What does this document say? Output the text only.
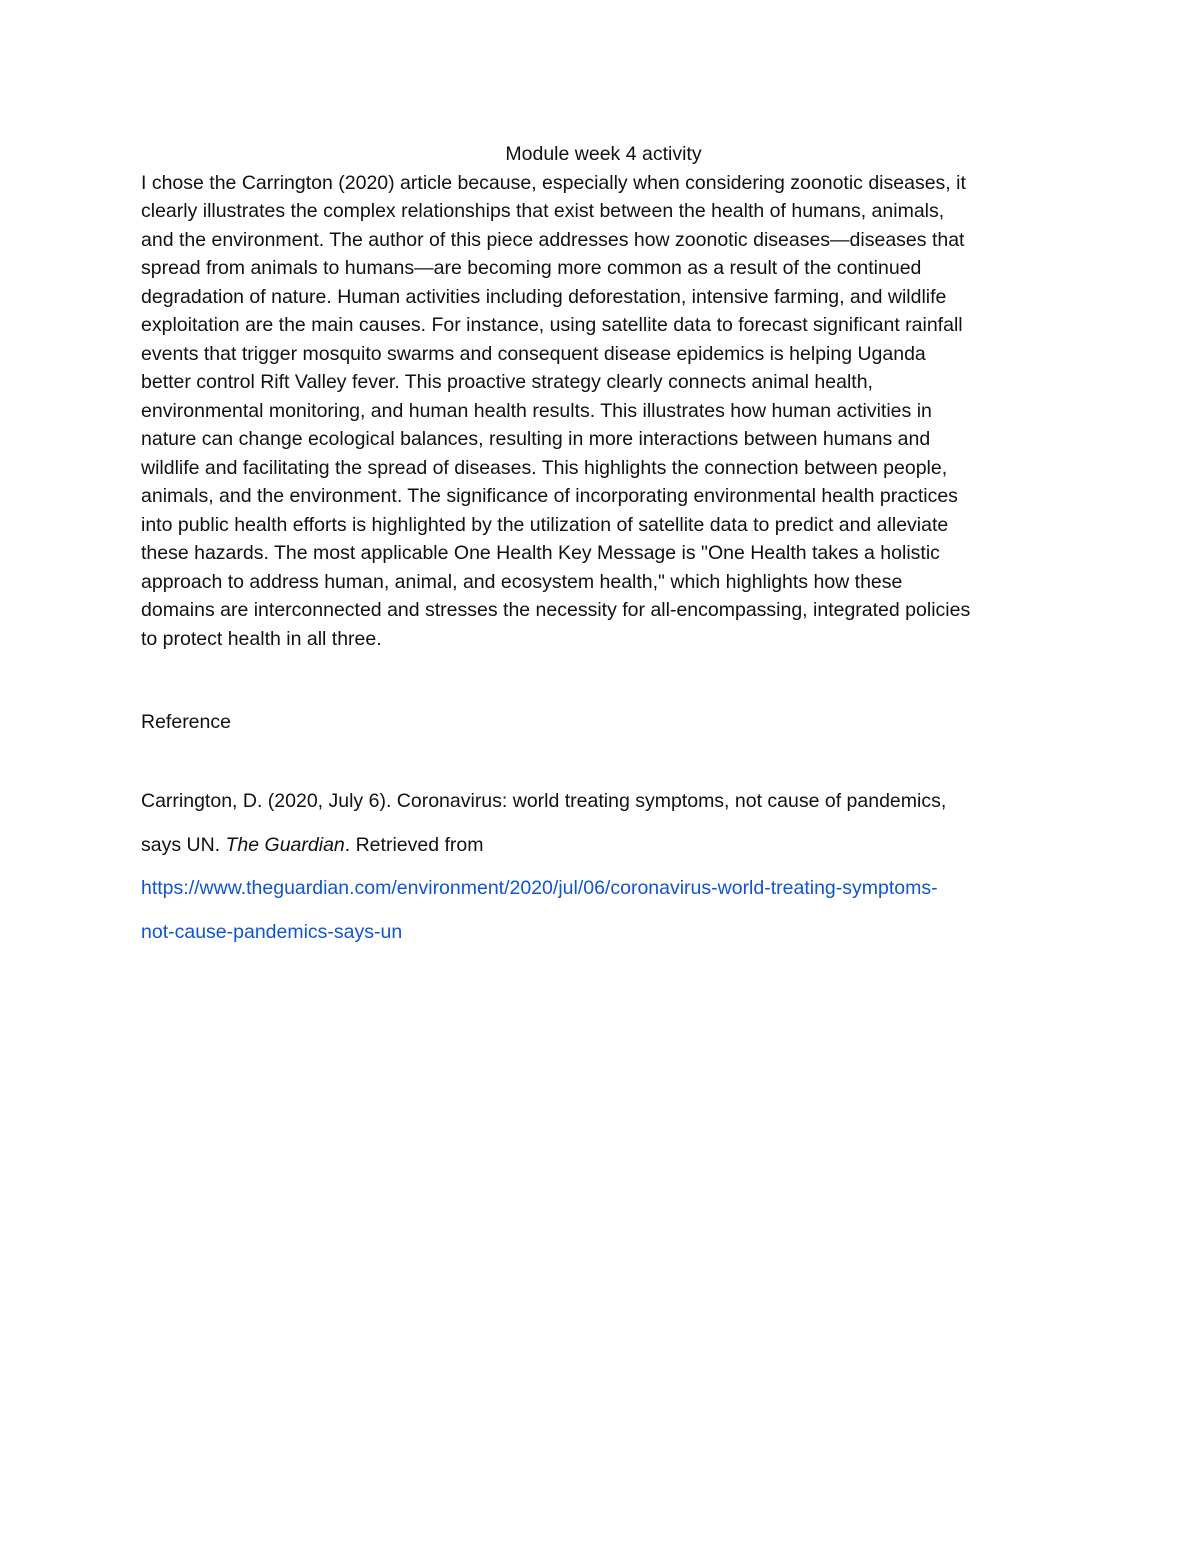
Module week 4 activity

I chose the Carrington (2020) article because, especially when considering zoonotic diseases, it

clearly illustrates the complex relationships that exist between the health of humans, animals,

and the environment. The author of this piece addresses how zoonotic diseases—diseases that

spread from animals to humans—are becoming more common as a result of the continued

degradation of nature. Human activities including deforestation, intensive farming, and wildlife

exploitation are the main causes. For instance, using satellite data to forecast significant rainfall

events that trigger mosquito swarms and consequent disease epidemics is helping Uganda

better control Rift Valley fever. This proactive strategy clearly connects animal health,

environmental monitoring, and human health results. This illustrates how human activities in

nature can change ecological balances, resulting in more interactions between humans and

wildlife and facilitating the spread of diseases. This highlights the connection between people,

animals, and the environment. The significance of incorporating environmental health practices

into public health efforts is highlighted by the utilization of satellite data to predict and alleviate

these hazards. The most applicable One Health Key Message is "One Health takes a holistic

approach to address human, animal, and ecosystem health," which highlights how these

domains are interconnected and stresses the necessity for all-encompassing, integrated policies

to protect health in all three.

Reference

Carrington, D. (2020, July 6). Coronavirus: world treating symptoms, not cause of pandemics,

says UN. The Guardian. Retrieved from

https://www.theguardian.com/environment/2020/jul/06/coronavirus-world-treating-symptoms-

not-cause-pandemics-says-un
